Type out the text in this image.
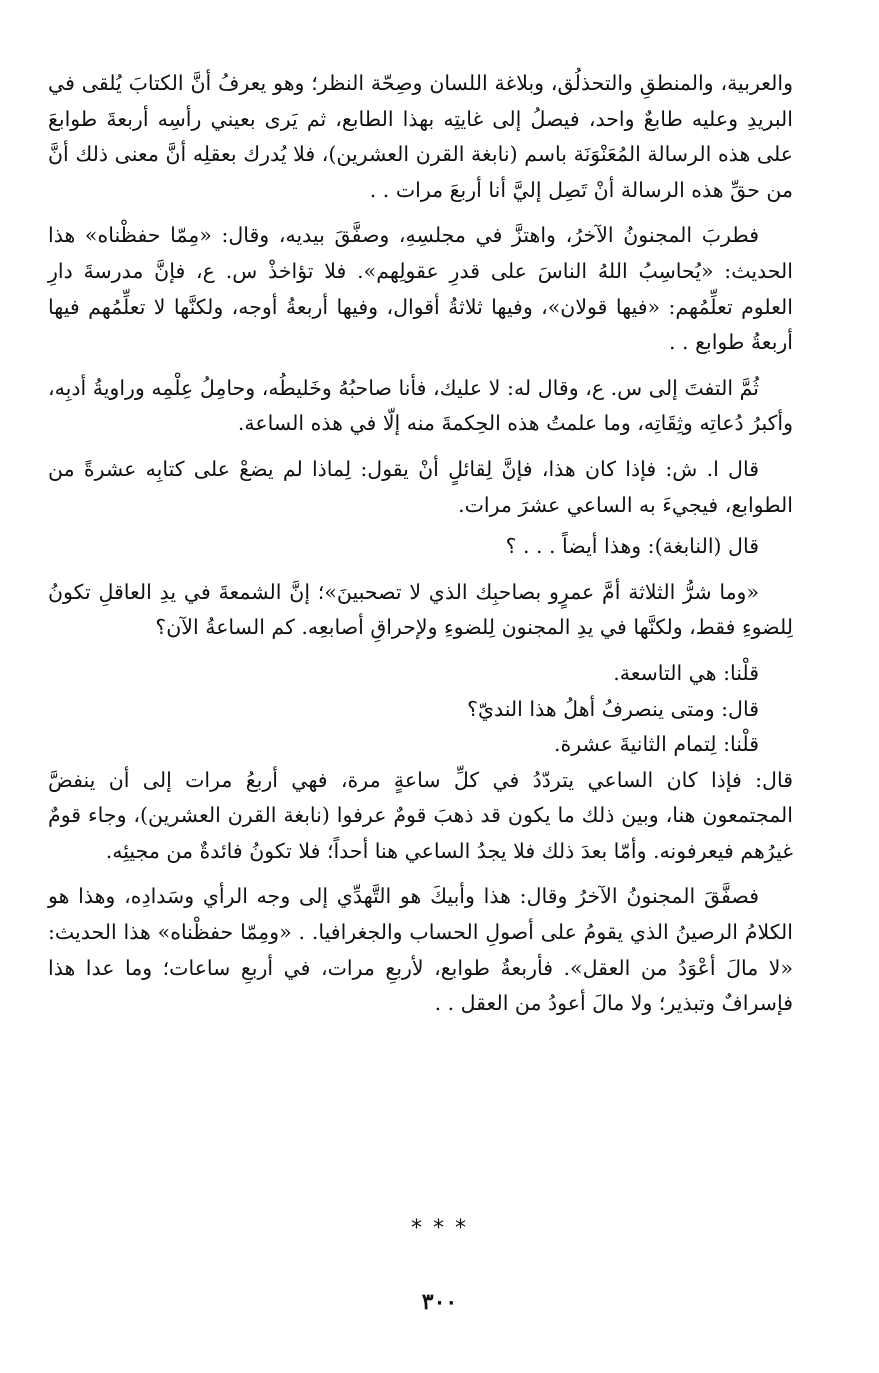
والعربية، والمنطقِ والتحذلُق، وبلاغة اللسان وصِحّة النظر؛ وهو يعرفُ أنَّ الكتابَ يُلقى في البريدِ وعليه طابعٌ واحد، فيصلُ إلى غايتِه بهذا الطابع، ثم يَرى بعيني رأسِه أربعةَ طوابعَ على هذه الرسالة المُعَنْوَنَة باسم (نابغة القرن العشرين)، فلا يُدرك بعقلِه أنَّ معنى ذلك أنَّ من حقِّ هذه الرسالة أنْ تَصِل إليَّ أنا أربعَ مرات . .

فطربَ المجنونُ الآخرُ، واهتزَّ في مجلسِهِ، وصفَّقَ بيديه، وقال: «مِمّا حفظْناه» هذا الحديث: «يُحاسِبُ اللهُ الناسَ على قدرِ عقولِهم». فلا تؤاخذْ س. ع، فإنَّ مدرسةَ دارِ العلوم تعلِّمُهم: «فيها قولان»، وفيها ثلاثةُ أقوال، وفيها أربعةُ أوجه، ولكنَّها لا تعلِّمُهم فيها أربعةُ طوابع . .

ثُمَّ التفتَ إلى س. ع، وقال له: لا عليك، فأنا صاحبُهُ وخَليطُه، وحامِلُ عِلْمِه وراويةُ أدبِه، وأكبرُ دُعاتِه وثِقَاتِه، وما علمتُ هذه الحِكمةَ منه إلّا في هذه الساعة.

قال ا. ش: فإذا كان هذا، فإنَّ لِقائلٍ أنْ يقول: لِماذا لم يضعْ على كتابِه عشرةً من الطوابع، فيجيءَ به الساعي عشرَ مرات.

قال (النابغة): وهذا أيضاً . . . ؟

«وما شرُّ الثلاثة أمَّ عمرٍو بصاحبِك الذي لا تصحبينَ»؛ إنَّ الشمعةَ في يدِ العاقلِ تكونُ لِلضوءِ فقط، ولكنَّها في يدِ المجنون لِلضوءِ ولإحراقِ أصابعِه. كم الساعةُ الآن؟

قلْنا: هي التاسعة.

قال: ومتى ينصرفُ أهلُ هذا النديّ؟

قلْنا: لِتمام الثانيةَ عشرة.

قال: فإذا كان الساعي يتردّدُ في كلِّ ساعةٍ مرة، فهي أربعُ مرات إلى أن ينفضَّ المجتمعون هنا، وبين ذلك ما يكون قد ذهبَ قومٌ عرفوا (نابغة القرن العشرين)، وجاء قومٌ غيرُهم فيعرفونه. وأمّا بعدَ ذلك فلا يجدُ الساعي هنا أحداً؛ فلا تكونُ فائدةٌ من مجيئِه.

فصفَّقَ المجنونُ الآخرُ وقال: هذا وأبيكَ هو التَّهدِّي إلى وجه الرأي وسَدادِه، وهذا هو الكلامُ الرصينُ الذي يقومُ على أصولِ الحساب والجغرافيا. . «ومِمّا حفظْناه» هذا الحديث: «لا مالَ أعْوَدُ من العقل». فأربعةُ طوابع، لأربعِ مرات، في أربعِ ساعات؛ وما عدا هذا فإسرافٌ وتبذير؛ ولا مالَ أعودُ من العقل . .

* * *
٣٠٠
